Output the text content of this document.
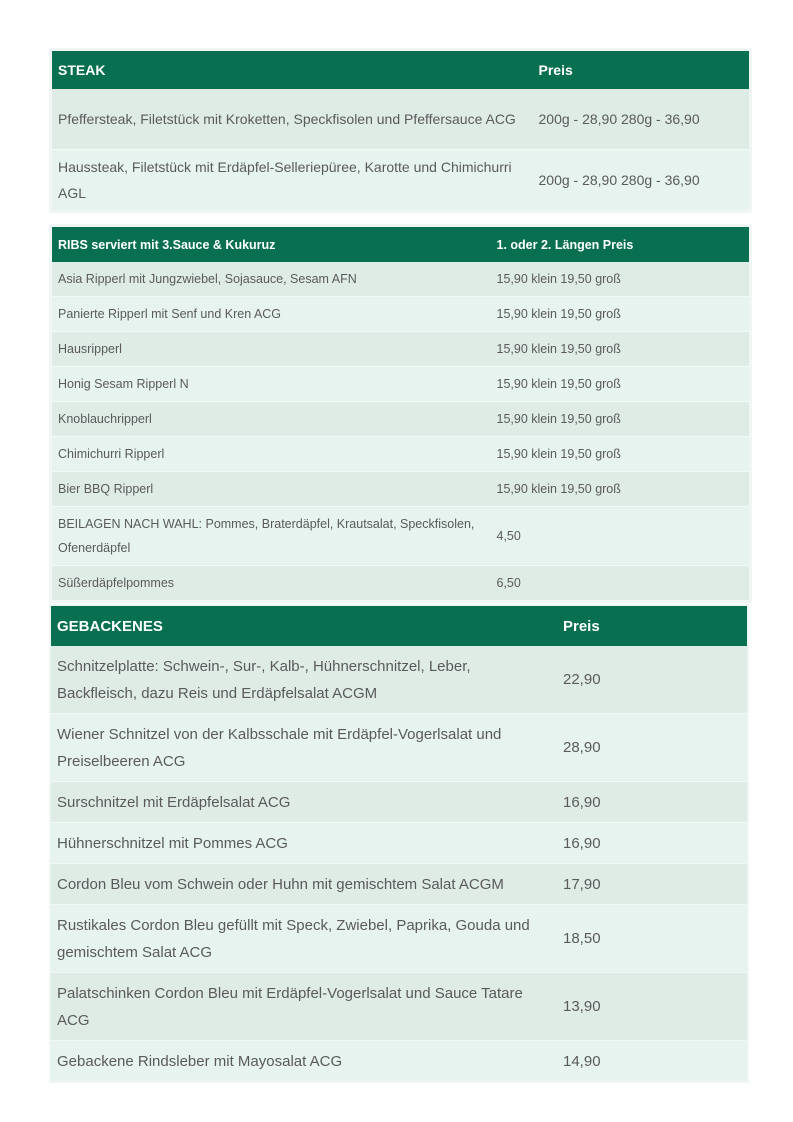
STEAK	Preis
Pfeffersteak, Filetstück mit Kroketten, Speckfisolen und Pfeffersauce ACG	200g - 28,90 280g - 36,90
Haussteak, Filetstück mit Erdäpfel-Selleriepüree, Karotte und Chimichurri AGL	200g - 28,90 280g - 36,90
RIBS serviert mit 3.Sauce & Kukuruz	1. oder 2. Längen Preis
Asia Ripperl mit Jungzwiebel, Sojasauce, Sesam AFN	15,90 klein 19,50 groß
Panierte Ripperl mit Senf und Kren ACG	15,90 klein 19,50 groß
Hausripperl	15,90 klein 19,50 groß
Honig Sesam Ripperl N	15,90 klein 19,50 groß
Knoblauchripperl	15,90 klein 19,50 groß
Chimichurri Ripperl	15,90 klein 19,50 groß
Bier BBQ Ripperl	15,90 klein 19,50 groß
BEILAGEN NACH WAHL: Pommes, Braterdäpfel, Krautsalat, Speckfisolen, Ofenerdäpfel	4,50
Süßerdäpfelpommes	6,50
GEBACKENES	Preis
Schnitzelplatte: Schwein-, Sur-, Kalb-, Hühnerschnitzel, Leber, Backfleisch, dazu Reis und Erdäpfelsalat ACGM	22,90
Wiener Schnitzel von der Kalbsschale mit Erdäpfel-Vogerlsalat und Preiselbeeren ACG	28,90
Surschnitzel mit Erdäpfelsalat ACG	16,90
Hühnerschnitzel mit Pommes ACG	16,90
Cordon Bleu vom Schwein oder Huhn mit gemischtem Salat ACGM	17,90
Rustikales Cordon Bleu gefüllt mit Speck, Zwiebel, Paprika, Gouda und gemischtem Salat ACG	18,50
Palatschinken Cordon Bleu mit Erdäpfel-Vogerlsalat und Sauce Tatare ACG	13,90
Gebackene Rindsleber mit Mayosalat ACG	14,90
